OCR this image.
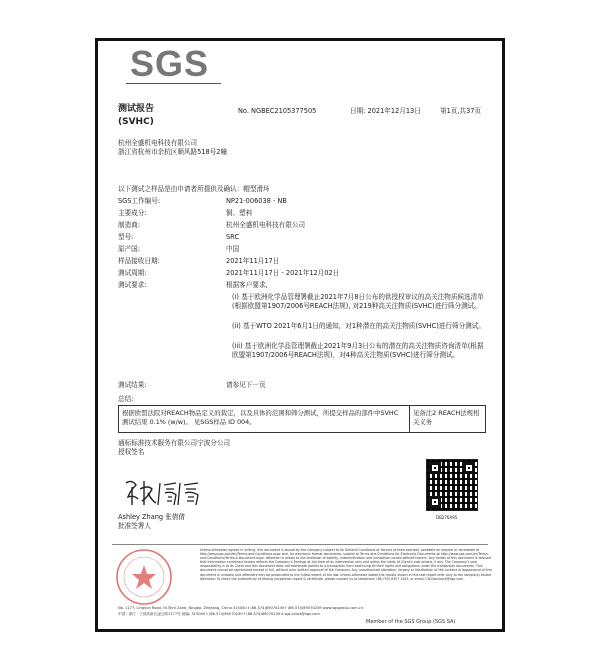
SGS
测试报告
(SVHC)
No. NGBEC2105377505	日期: 2021年12月13日	第1页,共37页
杭州全盛机电科技有限公司
浙江省杭州市余杭区顺风路518号2幢
以下测试之样品是由申请者所提供及确认：帽型滑环
SGS工作编号:	NP21-006038 - NB
主要成分:	铜、塑料
制造商:	杭州全盛机电科技有限公司
型号:	SRC
原产国:	中国
样品接收日期:	2021年11月17日
测试周期:	2021年11月17日 - 2021年12月02日
测试要求:	根据客户要求,
(i) 基于欧洲化学品管理署截止2021年7月8日公布的供授权审议的高关注物质候选清单(根据欧盟第1907/2006号REACH法规), 对219种高关注物质(SVHC)进行筛分测试。
(ii) 基于WTO 2021年6月1日的通知，对1种潜在的高关注物质(SVHC)进行筛分测试。
(iii) 基于欧洲化学品管理署截止2021年9月3日公布的潜在的高关注物质咨询清单(根据欧盟第1907/2006号REACH法规)，对4种高关注物质(SVHC)进行筛分测试。
测试结果:	请参见下一页
总结:
根据欧盟法院对REACH物品定义的裁定，以及具体的范围和筛分测试，所提交样品的部件中SVHC测试结果 0.1% (w/w)。 见SGS样品 ID 004。
见备注2 REACH法规相关义务
通标标准技术服务有限公司宁波分公司
授权签名
Ashley Zhang 张倩倩
批准签署人
DB276A95
Unless otherwise agreed in writing, this document is issued by the Company subject to its General Conditions of Service printed overleaf, available on request or accessible at http://www.sgs.com/en/Terms-and-Conditions.aspx and, for electronic format documents, subject to Terms and Conditions for Electronic Documents at http://www.sgs.com/en/Terms-and-Conditions/Terms-e-Document.aspx. Attention is drawn to the limitation of liability, indemnification and jurisdiction issues defined therein. Any holder of this document is advised that information contained hereon reflects the Company's findings at the time of its intervention only and within the limits of Client's instructions, if any. The Company's sole responsibility is to its Client and this document does not exonerate parties to a transaction from exercising all their rights and obligations under the transaction documents. This document cannot be reproduced except in full, without prior written approval of the Company. Any unauthorized alteration, forgery or falsification of the content or appearance of this document is unlawful and offenders may be prosecuted to the fullest extent of the law. Unless otherwise stated the results shown in this test report refer only to the sample(s) tested. Attention: To check the authenticity of testing /inspection report & certificate, please contact us at telephone: (86-755) 8307 1443, or email: CN.Doccheck@sgs.com
No. 1177, Lingyun Road, Hi-Tech Zone, Ningbo, Zhejiang, China 315040 t (86-574)89070249 f (86-574)89070249 www.sgsgroup.com.cn
中国 · 浙江 · 宁波高新区凌云路1177号 邮编: 315040 t (86-574)89070249 f (86-574)89070249 e sgs.china@sgs.com
Member of the SGS Group (SGS SA)
